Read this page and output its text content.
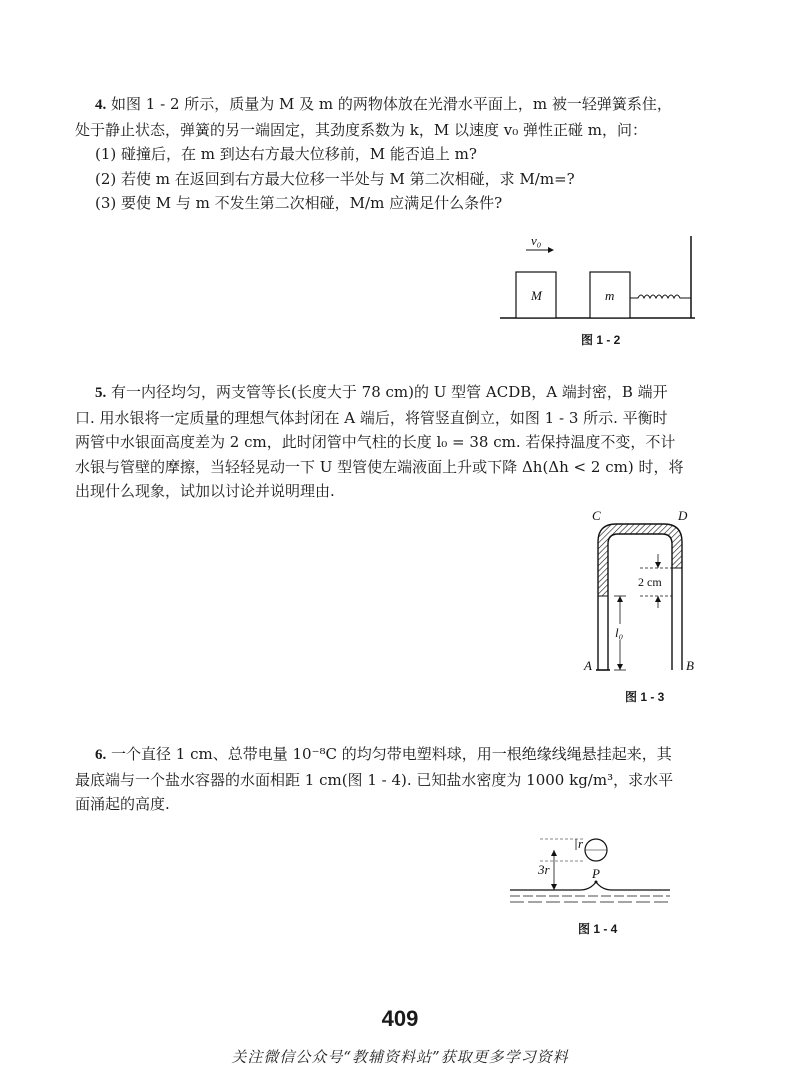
4. 如图 1 - 2 所示，质量为 M 及 m 的两物体放在光滑水平面上，m 被一轻弹簧系住，
处于静止状态，弹簧的另一端固定，其劲度系数为 k，M 以速度 v₀ 弹性正碰 m，问：
(1) 碰撞后，在 m 到达右方最大位移前，M 能否追上 m?
(2) 若使 m 在返回到右方最大位移一半处与 M 第二次相碰，求 M/m=?
(3) 要使 M 与 m 不发生第二次相碰，M/m 应满足什么条件?
v₀
M	m
图 1 - 2
5. 有一内径均匀，两支管等长(长度大于 78 cm)的 U 型管 ACDB，A 端封密，B 端开
口. 用水银将一定质量的理想气体封闭在 A 端后，将管竖直倒立，如图 1 - 3 所示. 平衡时
两管中水银面高度差为 2 cm，此时闭管中气柱的长度 l₀ = 38 cm. 若保持温度不变，不计
水银与管壁的摩擦，当轻轻晃动一下 U 型管使左端液面上升或下降 Δh(Δh < 2 cm) 时，将
出现什么现象，试加以讨论并说明理由.
2 cm
l₀
C	D
A	B
图 1 - 3
6. 一个直径 1 cm、总带电量 10⁻⁸C 的均匀带电塑料球，用一根绝缘线绳悬挂起来，其
最底端与一个盐水容器的水面相距 1 cm(图 1 - 4). 已知盐水密度为 1000 kg/m³，求水平
面涌起的高度.
3r
r
P
图 1 - 4
409
关注微信公众号“教辅资料站”获取更多学习资料
